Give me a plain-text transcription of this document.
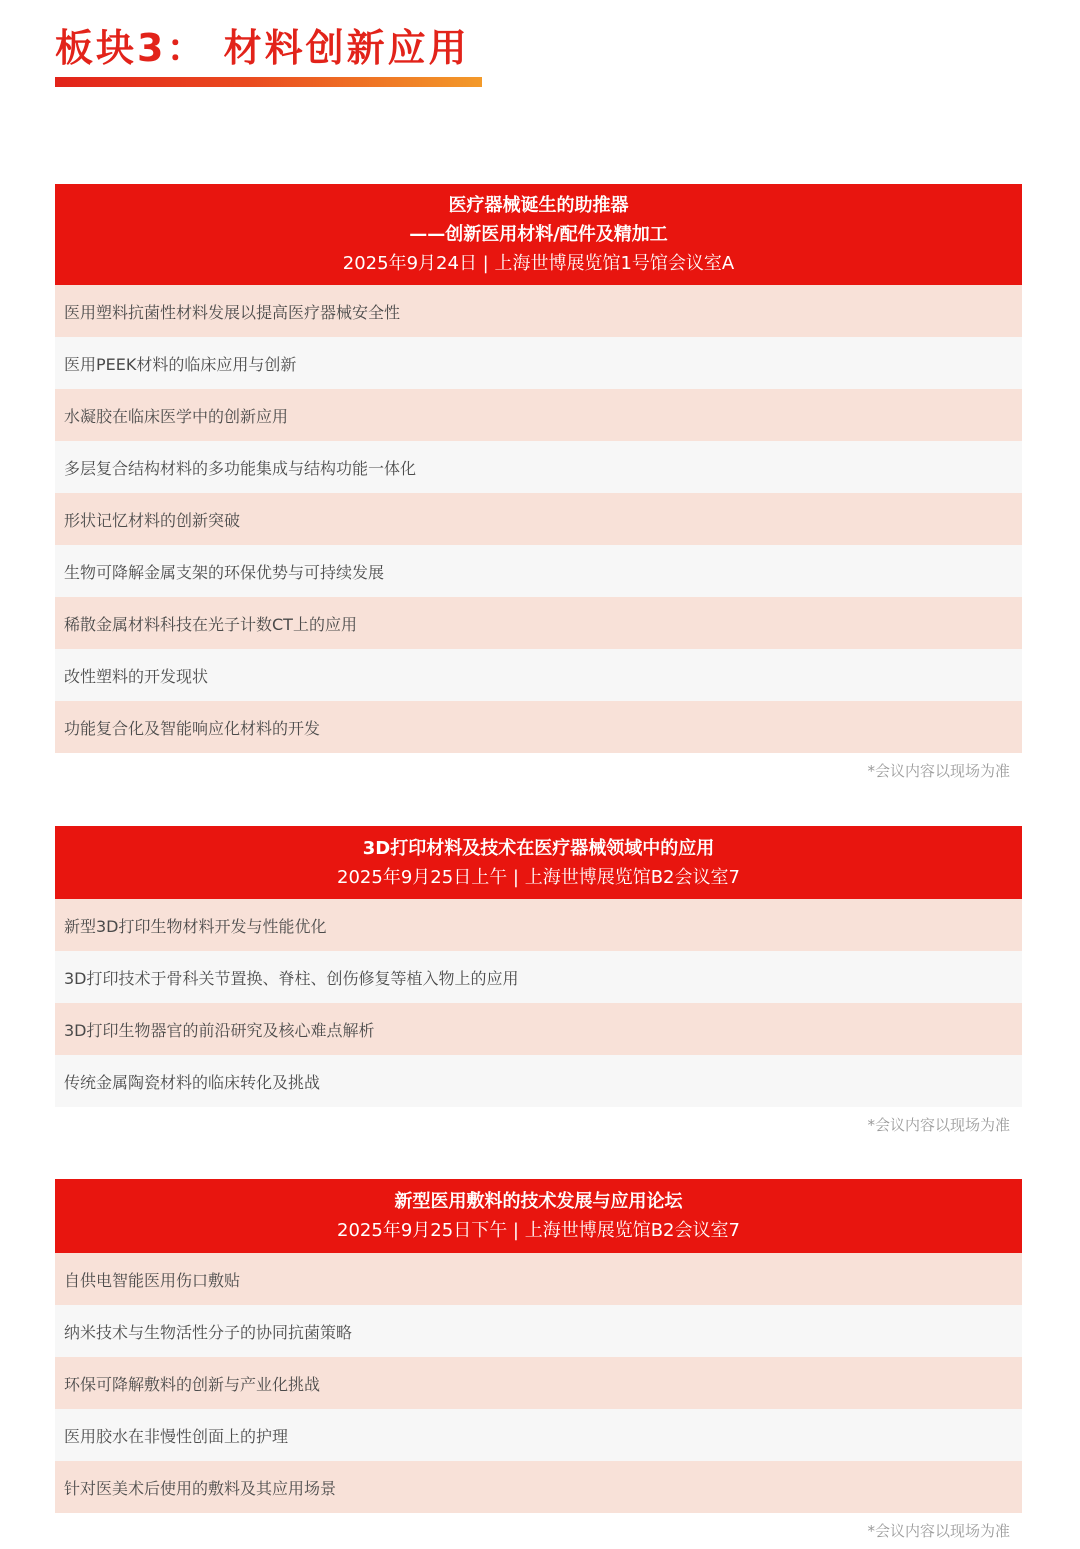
板块3： 材料创新应用
医疗器械诞生的助推器
——创新医用材料/配件及精加工
2025年9月24日 | 上海世博展览馆1号馆会议室A
医用塑料抗菌性材料发展以提高医疗器械安全性
医用PEEK材料的临床应用与创新
水凝胶在临床医学中的创新应用
多层复合结构材料的多功能集成与结构功能一体化
形状记忆材料的创新突破
生物可降解金属支架的环保优势与可持续发展
稀散金属材料科技在光子计数CT上的应用
改性塑料的开发现状
功能复合化及智能响应化材料的开发
*会议内容以现场为准
3D打印材料及技术在医疗器械领域中的应用
2025年9月25日上午 | 上海世博展览馆B2会议室7
新型3D打印生物材料开发与性能优化
3D打印技术于骨科关节置换、脊柱、创伤修复等植入物上的应用
3D打印生物器官的前沿研究及核心难点解析
传统金属陶瓷材料的临床转化及挑战
*会议内容以现场为准
新型医用敷料的技术发展与应用论坛
2025年9月25日下午 | 上海世博展览馆B2会议室7
自供电智能医用伤口敷贴
纳米技术与生物活性分子的协同抗菌策略
环保可降解敷料的创新与产业化挑战
医用胶水在非慢性创面上的护理
针对医美术后使用的敷料及其应用场景
*会议内容以现场为准
